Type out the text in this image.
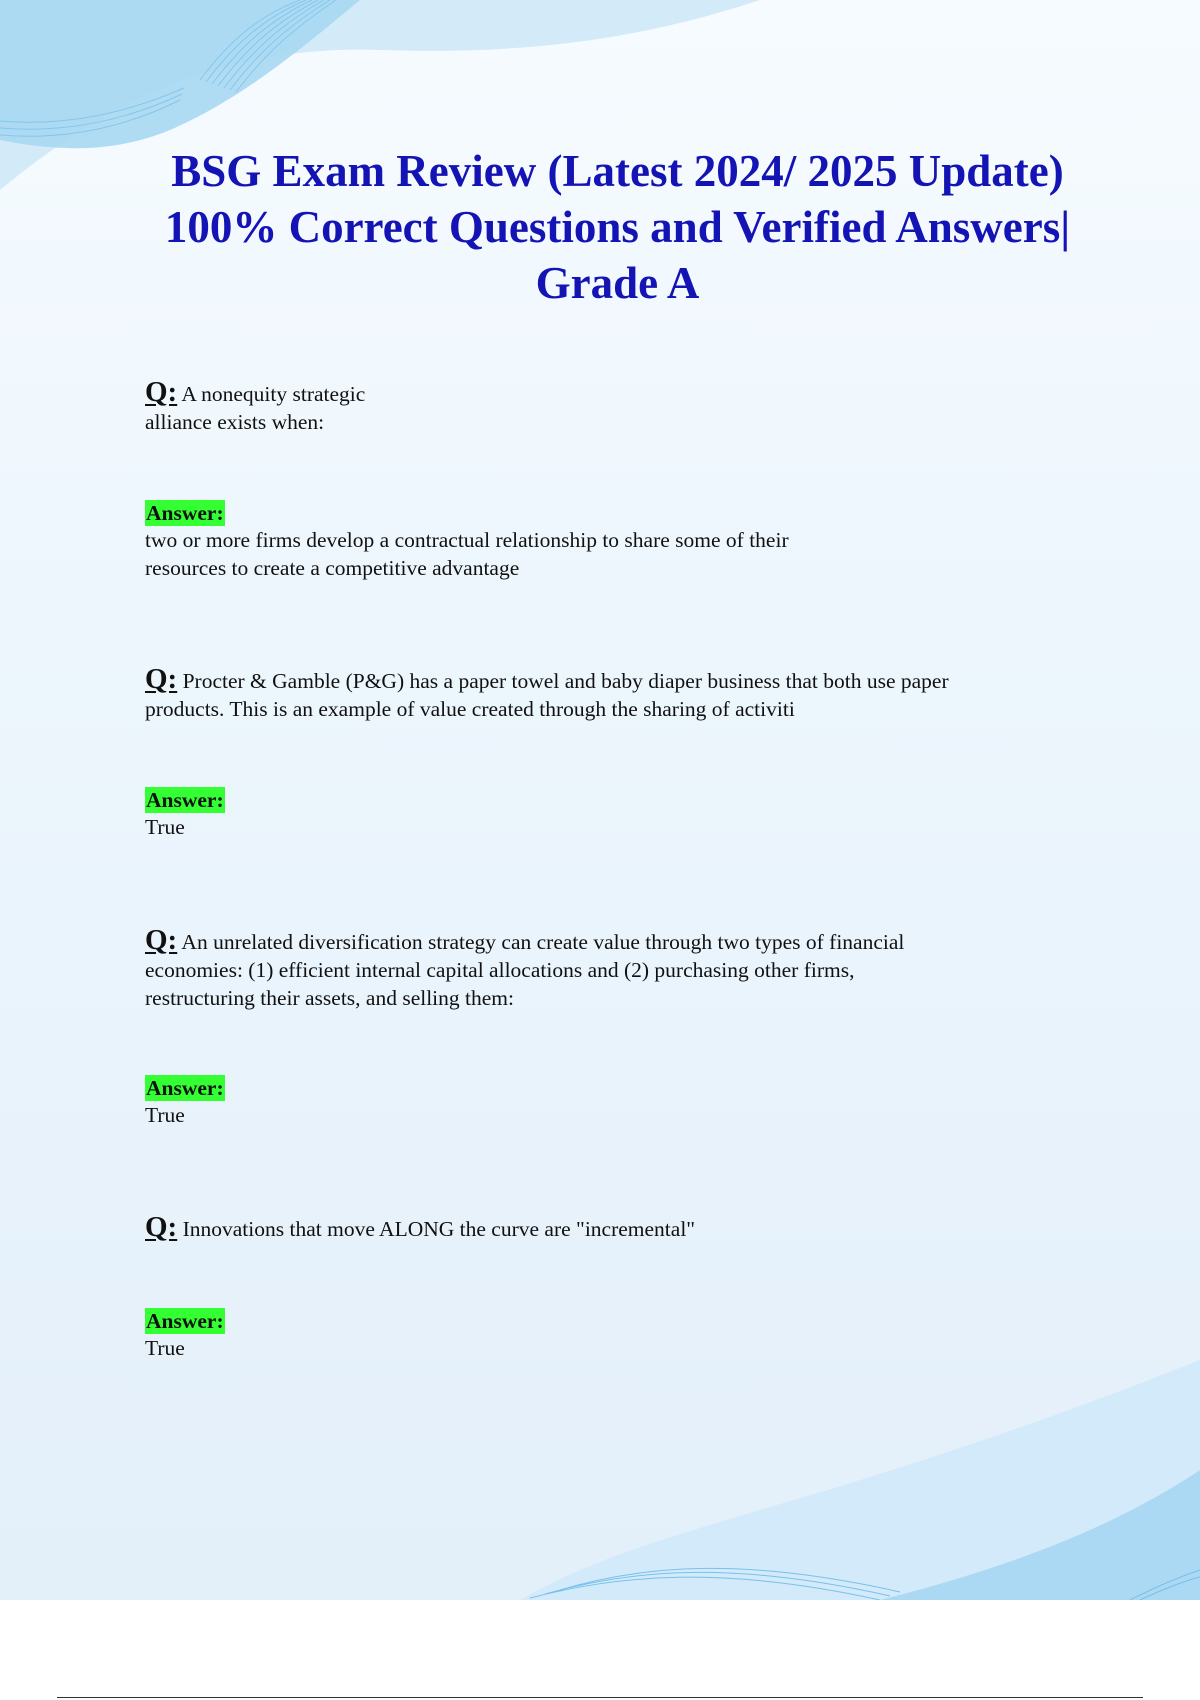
BSG Exam Review (Latest 2024/ 2025 Update) 100% Correct Questions and Verified Answers| Grade A
Q: A nonequity strategic
alliance exists when:
Answer:
two or more firms develop a contractual relationship to share some of their
resources to create a competitive advantage
Q: Procter & Gamble (P&G) has a paper towel and baby diaper business that both use paper
products. This is an example of value created through the sharing of activiti
Answer:
True
Q: An unrelated diversification strategy can create value through two types of financial
economies: (1) efficient internal capital allocations and (2) purchasing other firms,
restructuring their assets, and selling them:
Answer:
True
Q: Innovations that move ALONG the curve are "incremental"
Answer:
True
